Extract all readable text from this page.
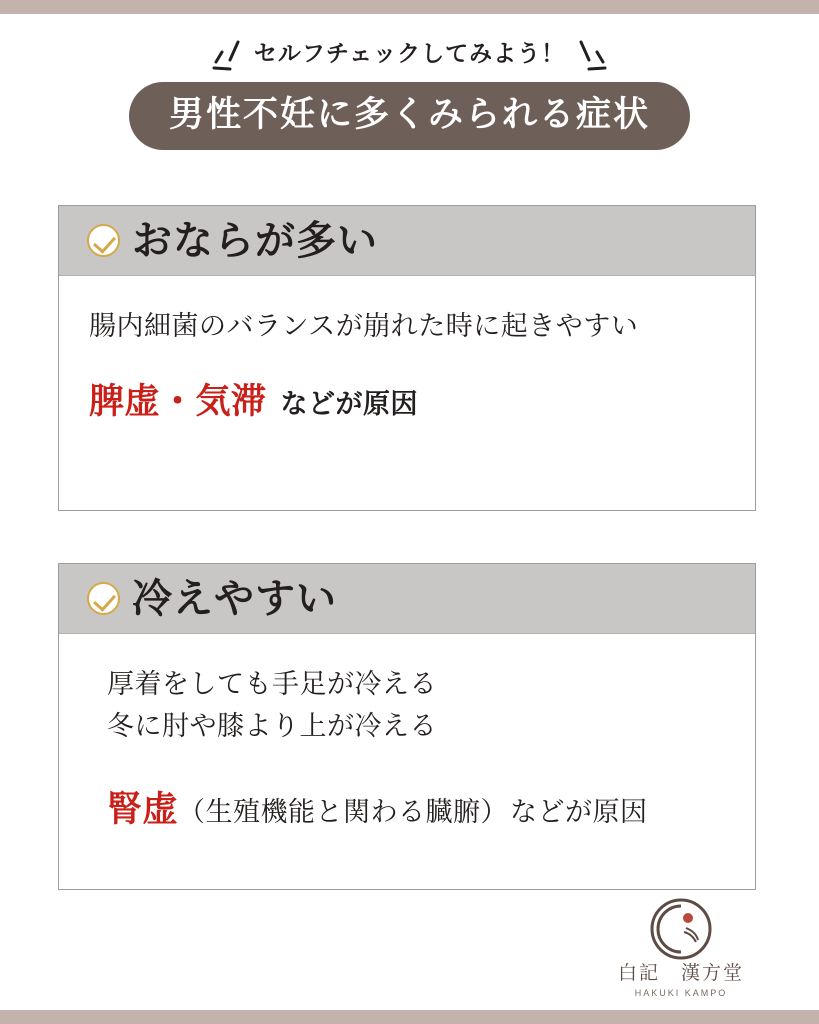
セルフチェックしてみよう！
男性不妊に多くみられる症状
おならが多い
腸内細菌のバランスが崩れた時に起きやすい
脾虚・気滞 などが原因
冷えやすい
厚着をしても手足が冷える
冬に肘や膝より上が冷える
腎虚 （生殖機能と関わる臓腑） などが原因
白記　漢方堂
HAKUKI KAMPO
